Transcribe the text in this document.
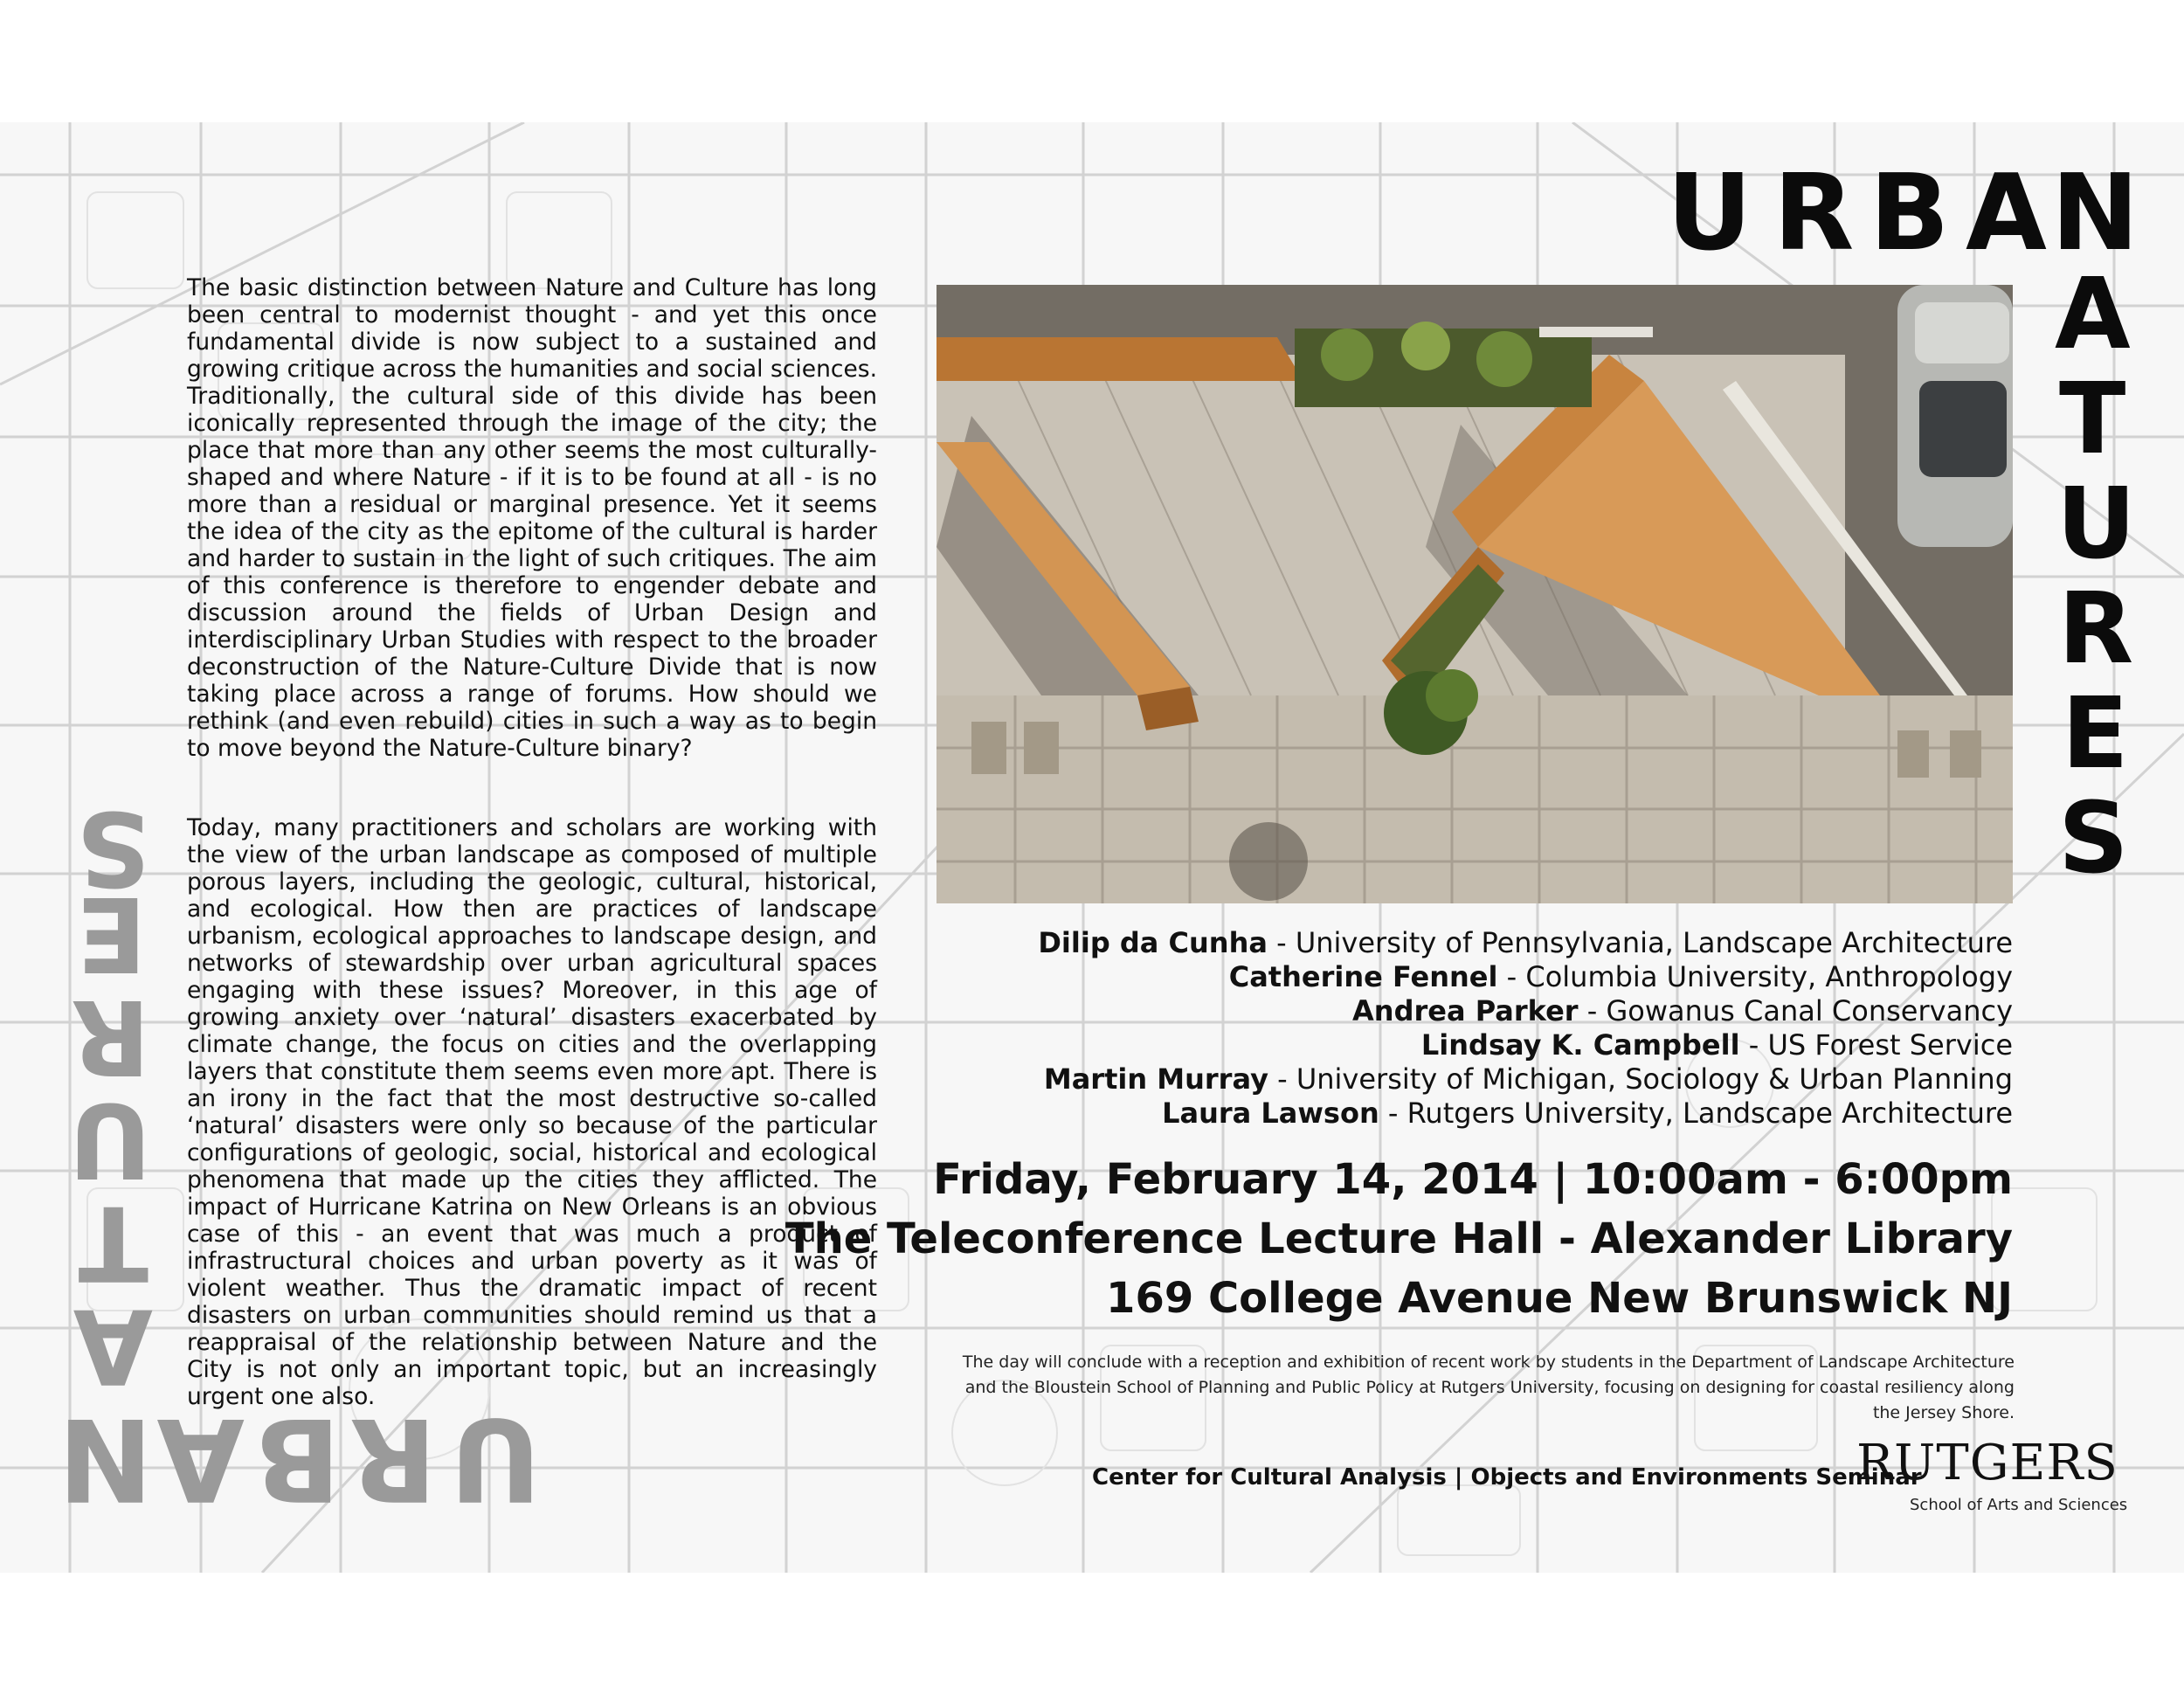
U R B A N
A
T
U
R
E
S
U
R
B
A
N
A
T
U
R
E
S
The basic distinction between Nature and Culture has long been central to modernist thought - and yet this once fundamental divide is now subject to a sustained and growing critique across the humanities and social sciences. Traditionally, the cultural side of this divide has been iconically represented through the image of the city; the place that more than any other seems the most culturally-shaped and where Nature - if it is to be found at all - is no more than a residual or marginal presence. Yet it seems the idea of the city as the epitome of the cultural is harder and harder to sustain in the light of such critiques. The aim of this conference is therefore to engender debate and discussion around the fields of Urban Design and interdisciplinary Urban Studies with respect to the broader deconstruction of the Nature-Culture Divide that is now taking place across a range of forums. How should we rethink (and even rebuild) cities in such a way as to begin to move beyond the Nature-Culture binary?
Today, many practitioners and scholars are working with the view of the urban landscape as composed of multiple porous layers, including the geologic, cultural, historical, and ecological. How then are practices of landscape urbanism, ecological approaches to landscape design, and networks of stewardship over urban agricultural spaces engaging with these issues? Moreover, in this age of growing anxiety over ‘natural’ disasters exacerbated by climate change, the focus on cities and the overlapping layers that constitute them seems even more apt. There is an irony in the fact that the most destructive so-called ‘natural’ disasters were only so because of the particular configurations of geologic, social, historical and ecological phenomena that made up the cities they afflicted. The impact of Hurricane Katrina on New Orleans is an obvious case of this - an event that was much a product of infrastructural choices and urban poverty as it was of violent weather. Thus the dramatic impact of recent disasters on urban communities should remind us that a reappraisal of the relationship between Nature and the City is not only an important topic, but an increasingly urgent one also.
Dilip da Cunha - University of Pennsylvania, Landscape Architecture
Catherine Fennel - Columbia University, Anthropology
Andrea Parker - Gowanus Canal Conservancy
Lindsay K. Campbell - US Forest Service
Martin Murray - University of Michigan, Sociology & Urban Planning
Laura Lawson - Rutgers University, Landscape Architecture
Friday, February 14, 2014 | 10:00am - 6:00pm
The Teleconference Lecture Hall - Alexander Library
169 College Avenue New Brunswick NJ
The day will conclude with a reception and exhibition of recent work by students in the Department of Landscape Architecture and the Bloustein School of Planning and Public Policy at Rutgers University, focusing on designing for coastal resiliency along the Jersey Shore.
Center for Cultural Analysis | Objects and Environments Seminar
RUTGERS
School of Arts and Sciences
